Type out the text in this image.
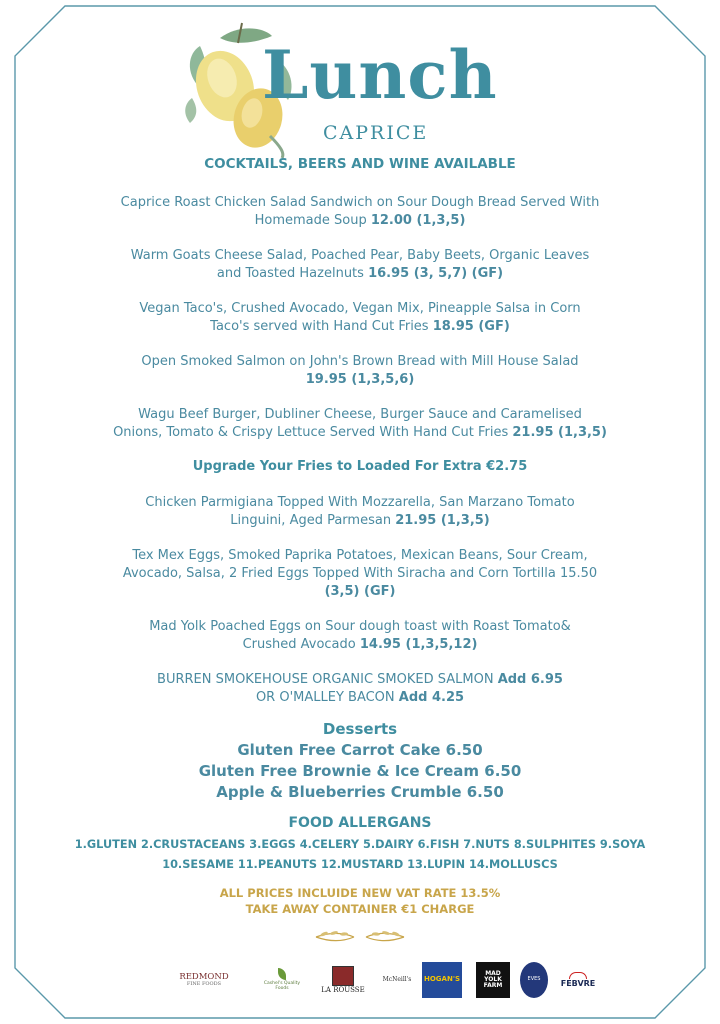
Lunch
CAPRICE
COCKTAILS, BEERS AND WINE AVAILABLE
Caprice Roast Chicken Salad Sandwich on Sour Dough Bread Served With
Homemade Soup 12.00 (1,3,5)
Warm Goats Cheese Salad, Poached Pear, Baby Beets, Organic Leaves
and Toasted Hazelnuts 16.95 (3, 5,7) (GF)
Vegan Taco's, Crushed Avocado, Vegan Mix, Pineapple Salsa in Corn
Taco's served with Hand Cut Fries 18.95 (GF)
Open Smoked Salmon on John's Brown Bread with Mill House Salad
19.95 (1,3,5,6)
Wagu Beef Burger, Dubliner Cheese, Burger Sauce and Caramelised
Onions, Tomato & Crispy Lettuce Served With Hand Cut Fries 21.95 (1,3,5)
Upgrade Your Fries to Loaded For Extra €2.75
Chicken Parmigiana Topped With Mozzarella, San Marzano Tomato
Linguini, Aged Parmesan 21.95 (1,3,5)
Tex Mex Eggs, Smoked Paprika Potatoes, Mexican Beans, Sour Cream,
Avocado, Salsa, 2 Fried Eggs Topped With Siracha and Corn Tortilla 15.50
(3,5) (GF)
Mad Yolk Poached Eggs on Sour dough toast with Roast Tomato&
Crushed Avocado 14.95 (1,3,5,12)
BURREN SMOKEHOUSE ORGANIC SMOKED SALMON Add 6.95
OR O'MALLEY BACON Add 4.25
Desserts
Gluten Free Carrot Cake 6.50
Gluten Free Brownie & Ice Cream 6.50
Apple & Blueberries Crumble 6.50
FOOD ALLERGANS
1.GLUTEN 2.CRUSTACEANS 3.EGGS 4.CELERY 5.DAIRY 6.FISH 7.NUTS 8.SULPHITES 9.SOYA
10.SESAME 11.PEANUTS 12.MUSTARD 13.LUPIN 14.MOLLUSCS
ALL PRICES INCLUIDE NEW VAT RATE 13.5%
TAKE AWAY CONTAINER €1 CHARGE
REDMOND
FINE FOODS	Cashel's Quality Foods	LA ROUSSE
McNeill's HOGAN'S
MAD YOLK FARM
EVES	FEBVRE
